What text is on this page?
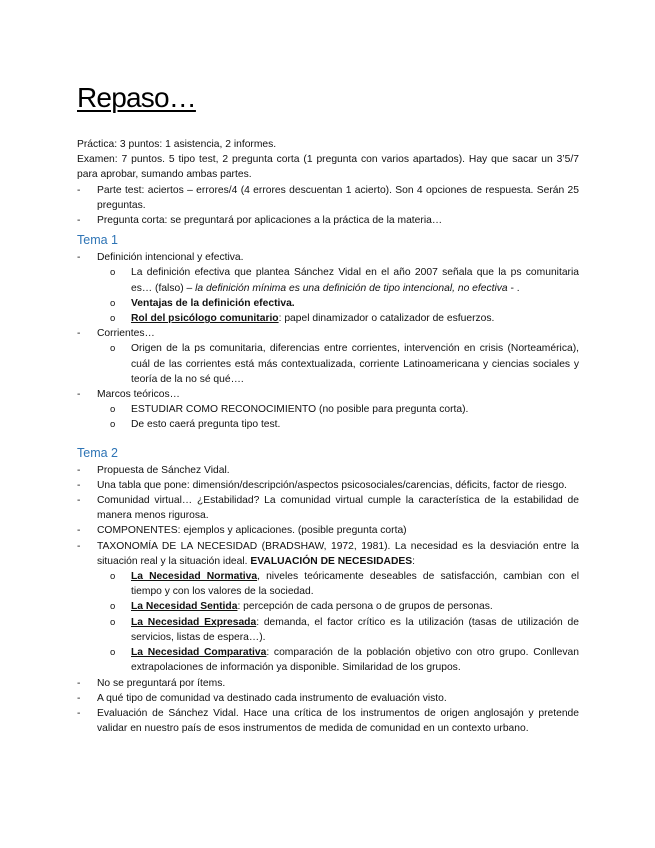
Repaso…

Práctica: 3 puntos: 1 asistencia, 2 informes.

Examen: 7 puntos. 5 tipo test, 2 pregunta corta (1 pregunta con varios apartados). Hay que sacar un 3’5/7 para aprobar, sumando ambas partes.

- Parte test: aciertos – errores/4 (4 errores descuentan 1 acierto). Son 4 opciones de respuesta. Serán 25 preguntas.
- Pregunta corta: se preguntará por aplicaciones a la práctica de la materia…
Tema 1
- Definición intencional y efectiva.
o La definición efectiva que plantea Sánchez Vidal en el año 2007 señala que la ps comunitaria es… (falso) – la definición mínima es una definición de tipo intencional, no efectiva - .
o Ventajas de la definición efectiva.
o Rol del psicólogo comunitario: papel dinamizador o catalizador de esfuerzos.
- Corrientes…
o Origen de la ps comunitaria, diferencias entre corrientes, intervención en crisis (Norteamérica), cuál de las corrientes está más contextualizada, corriente Latinoamericana y ciencias sociales y teoría de la no sé qué….
- Marcos teóricos…
o ESTUDIAR COMO RECONOCIMIENTO (no posible para pregunta corta).
o De esto caerá pregunta tipo test.
Tema 2
- Propuesta de Sánchez Vidal.
- Una tabla que pone: dimensión/descripción/aspectos psicosociales/carencias, déficits, factor de riesgo.
- Comunidad virtual… ¿Estabilidad? La comunidad virtual cumple la característica de la estabilidad de manera menos rigurosa.
- COMPONENTES: ejemplos y aplicaciones. (posible pregunta corta)
- TAXONOMÍA DE LA NECESIDAD (BRADSHAW, 1972, 1981). La necesidad es la desviación entre la situación real y la situación ideal. EVALUACIÓN DE NECESIDADES:
o La Necesidad Normativa, niveles teóricamente deseables de satisfacción, cambian con el tiempo y con los valores de la sociedad.
o La Necesidad Sentida: percepción de cada persona o de grupos de personas.
o La Necesidad Expresada: demanda, el factor crítico es la utilización (tasas de utilización de servicios, listas de espera…).
o La Necesidad Comparativa: comparación de la población objetivo con otro grupo. Conllevan extrapolaciones de información ya disponible. Similaridad de los grupos.
- No se preguntará por ítems.
- A qué tipo de comunidad va destinado cada instrumento de evaluación visto.
- Evaluación de Sánchez Vidal. Hace una crítica de los instrumentos de origen anglosajón y pretende validar en nuestro país de esos instrumentos de medida de comunidad en un contexto urbano.
